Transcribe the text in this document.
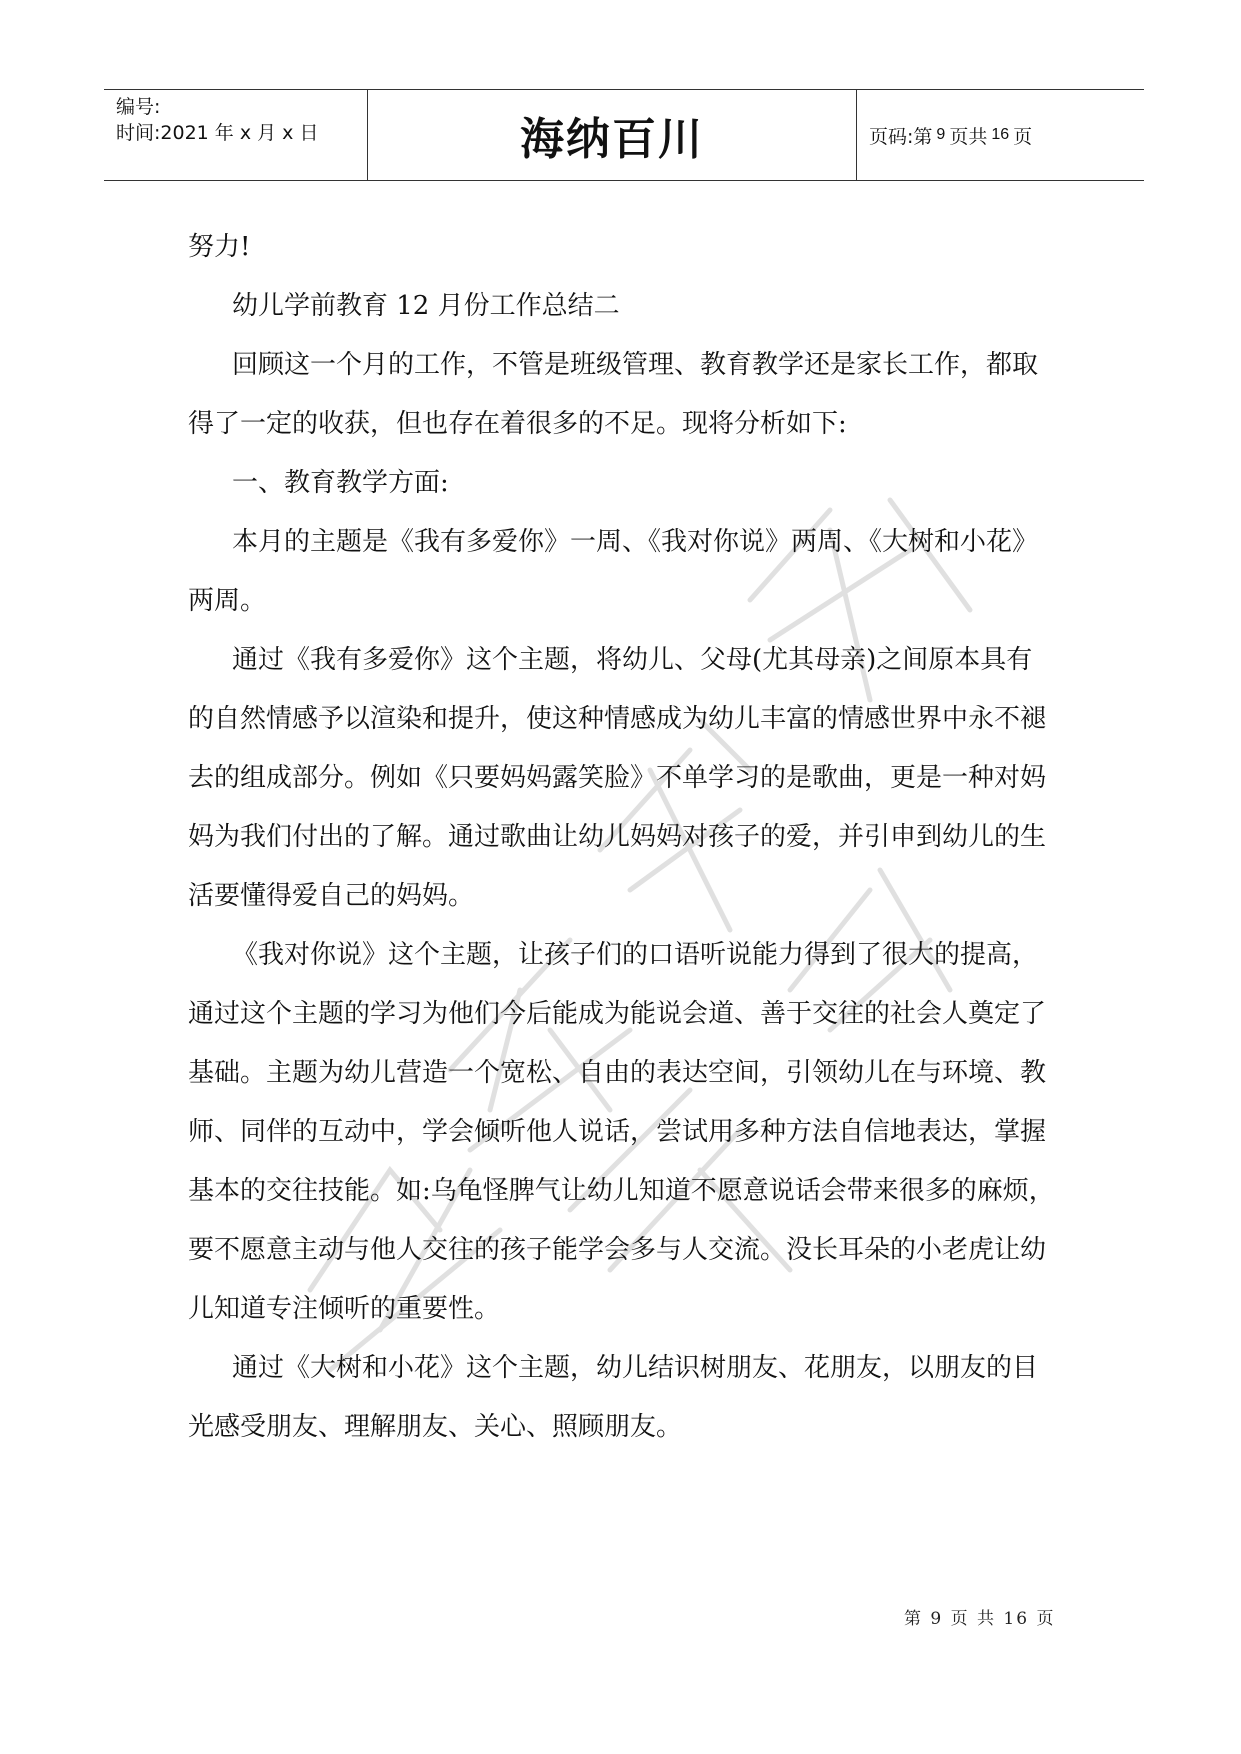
编号:
时间:2021 年 x 月 x 日	海纳百川	页码:第 9 页共 16 页

努力!

幼儿学前教育 12 月份工作总结二

回顾这一个月的工作，不管是班级管理、教育教学还是家长工作，都取得了一定的收获，但也存在着很多的不足。现将分析如下:

一、教育教学方面:

本月的主题是《我有多爱你》一周、《我对你说》两周、《大树和小花》两周。

通过《我有多爱你》这个主题，将幼儿、父母(尤其母亲)之间原本具有的自然情感予以渲染和提升，使这种情感成为幼儿丰富的情感世界中永不褪去的组成部分。例如《只要妈妈露笑脸》不单学习的是歌曲，更是一种对妈妈为我们付出的了解。通过歌曲让幼儿妈妈对孩子的爱，并引申到幼儿的生活要懂得爱自己的妈妈。

《我对你说》这个主题，让孩子们的口语听说能力得到了很大的提高，通过这个主题的学习为他们今后能成为能说会道、善于交往的社会人奠定了基础。主题为幼儿营造一个宽松、自由的表达空间，引领幼儿在与环境、教师、同伴的互动中，学会倾听他人说话，尝试用多种方法自信地表达，掌握基本的交往技能。如:乌龟怪脾气让幼儿知道不愿意说话会带来很多的麻烦，要不愿意主动与他人交往的孩子能学会多与人交流。没长耳朵的小老虎让幼儿知道专注倾听的重要性。

通过《大树和小花》这个主题，幼儿结识树朋友、花朋友，以朋友的目光感受朋友、理解朋友、关心、照顾朋友。

第 9 页 共 16 页
